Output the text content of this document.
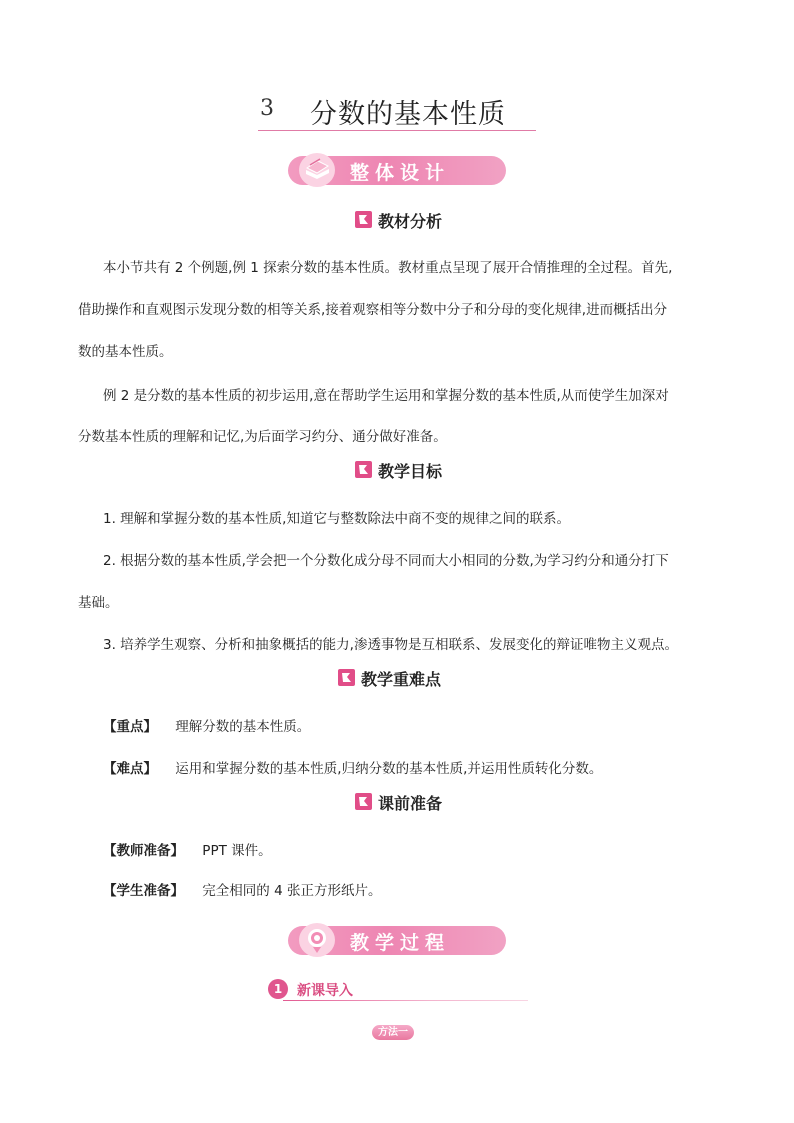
3 分数的基本性质
整体设计
教材分析
本小节共有 2 个例题,例 1 探索分数的基本性质。教材重点呈现了展开合情推理的全过程。首先,
借助操作和直观图示发现分数的相等关系,接着观察相等分数中分子和分母的变化规律,进而概括出分
数的基本性质。
例 2 是分数的基本性质的初步运用,意在帮助学生运用和掌握分数的基本性质,从而使学生加深对
分数基本性质的理解和记忆,为后面学习约分、通分做好准备。
教学目标
1. 理解和掌握分数的基本性质,知道它与整数除法中商不变的规律之间的联系。
2. 根据分数的基本性质,学会把一个分数化成分母不同而大小相同的分数,为学习约分和通分打下
基础。
3. 培养学生观察、分析和抽象概括的能力,渗透事物是互相联系、发展变化的辩证唯物主义观点。
教学重难点
【重点】 理解分数的基本性质。
【难点】 运用和掌握分数的基本性质,归纳分数的基本性质,并运用性质转化分数。
课前准备
【教师准备】 PPT 课件。
【学生准备】 完全相同的 4 张正方形纸片。
教学过程
1	新课导入
方法一
